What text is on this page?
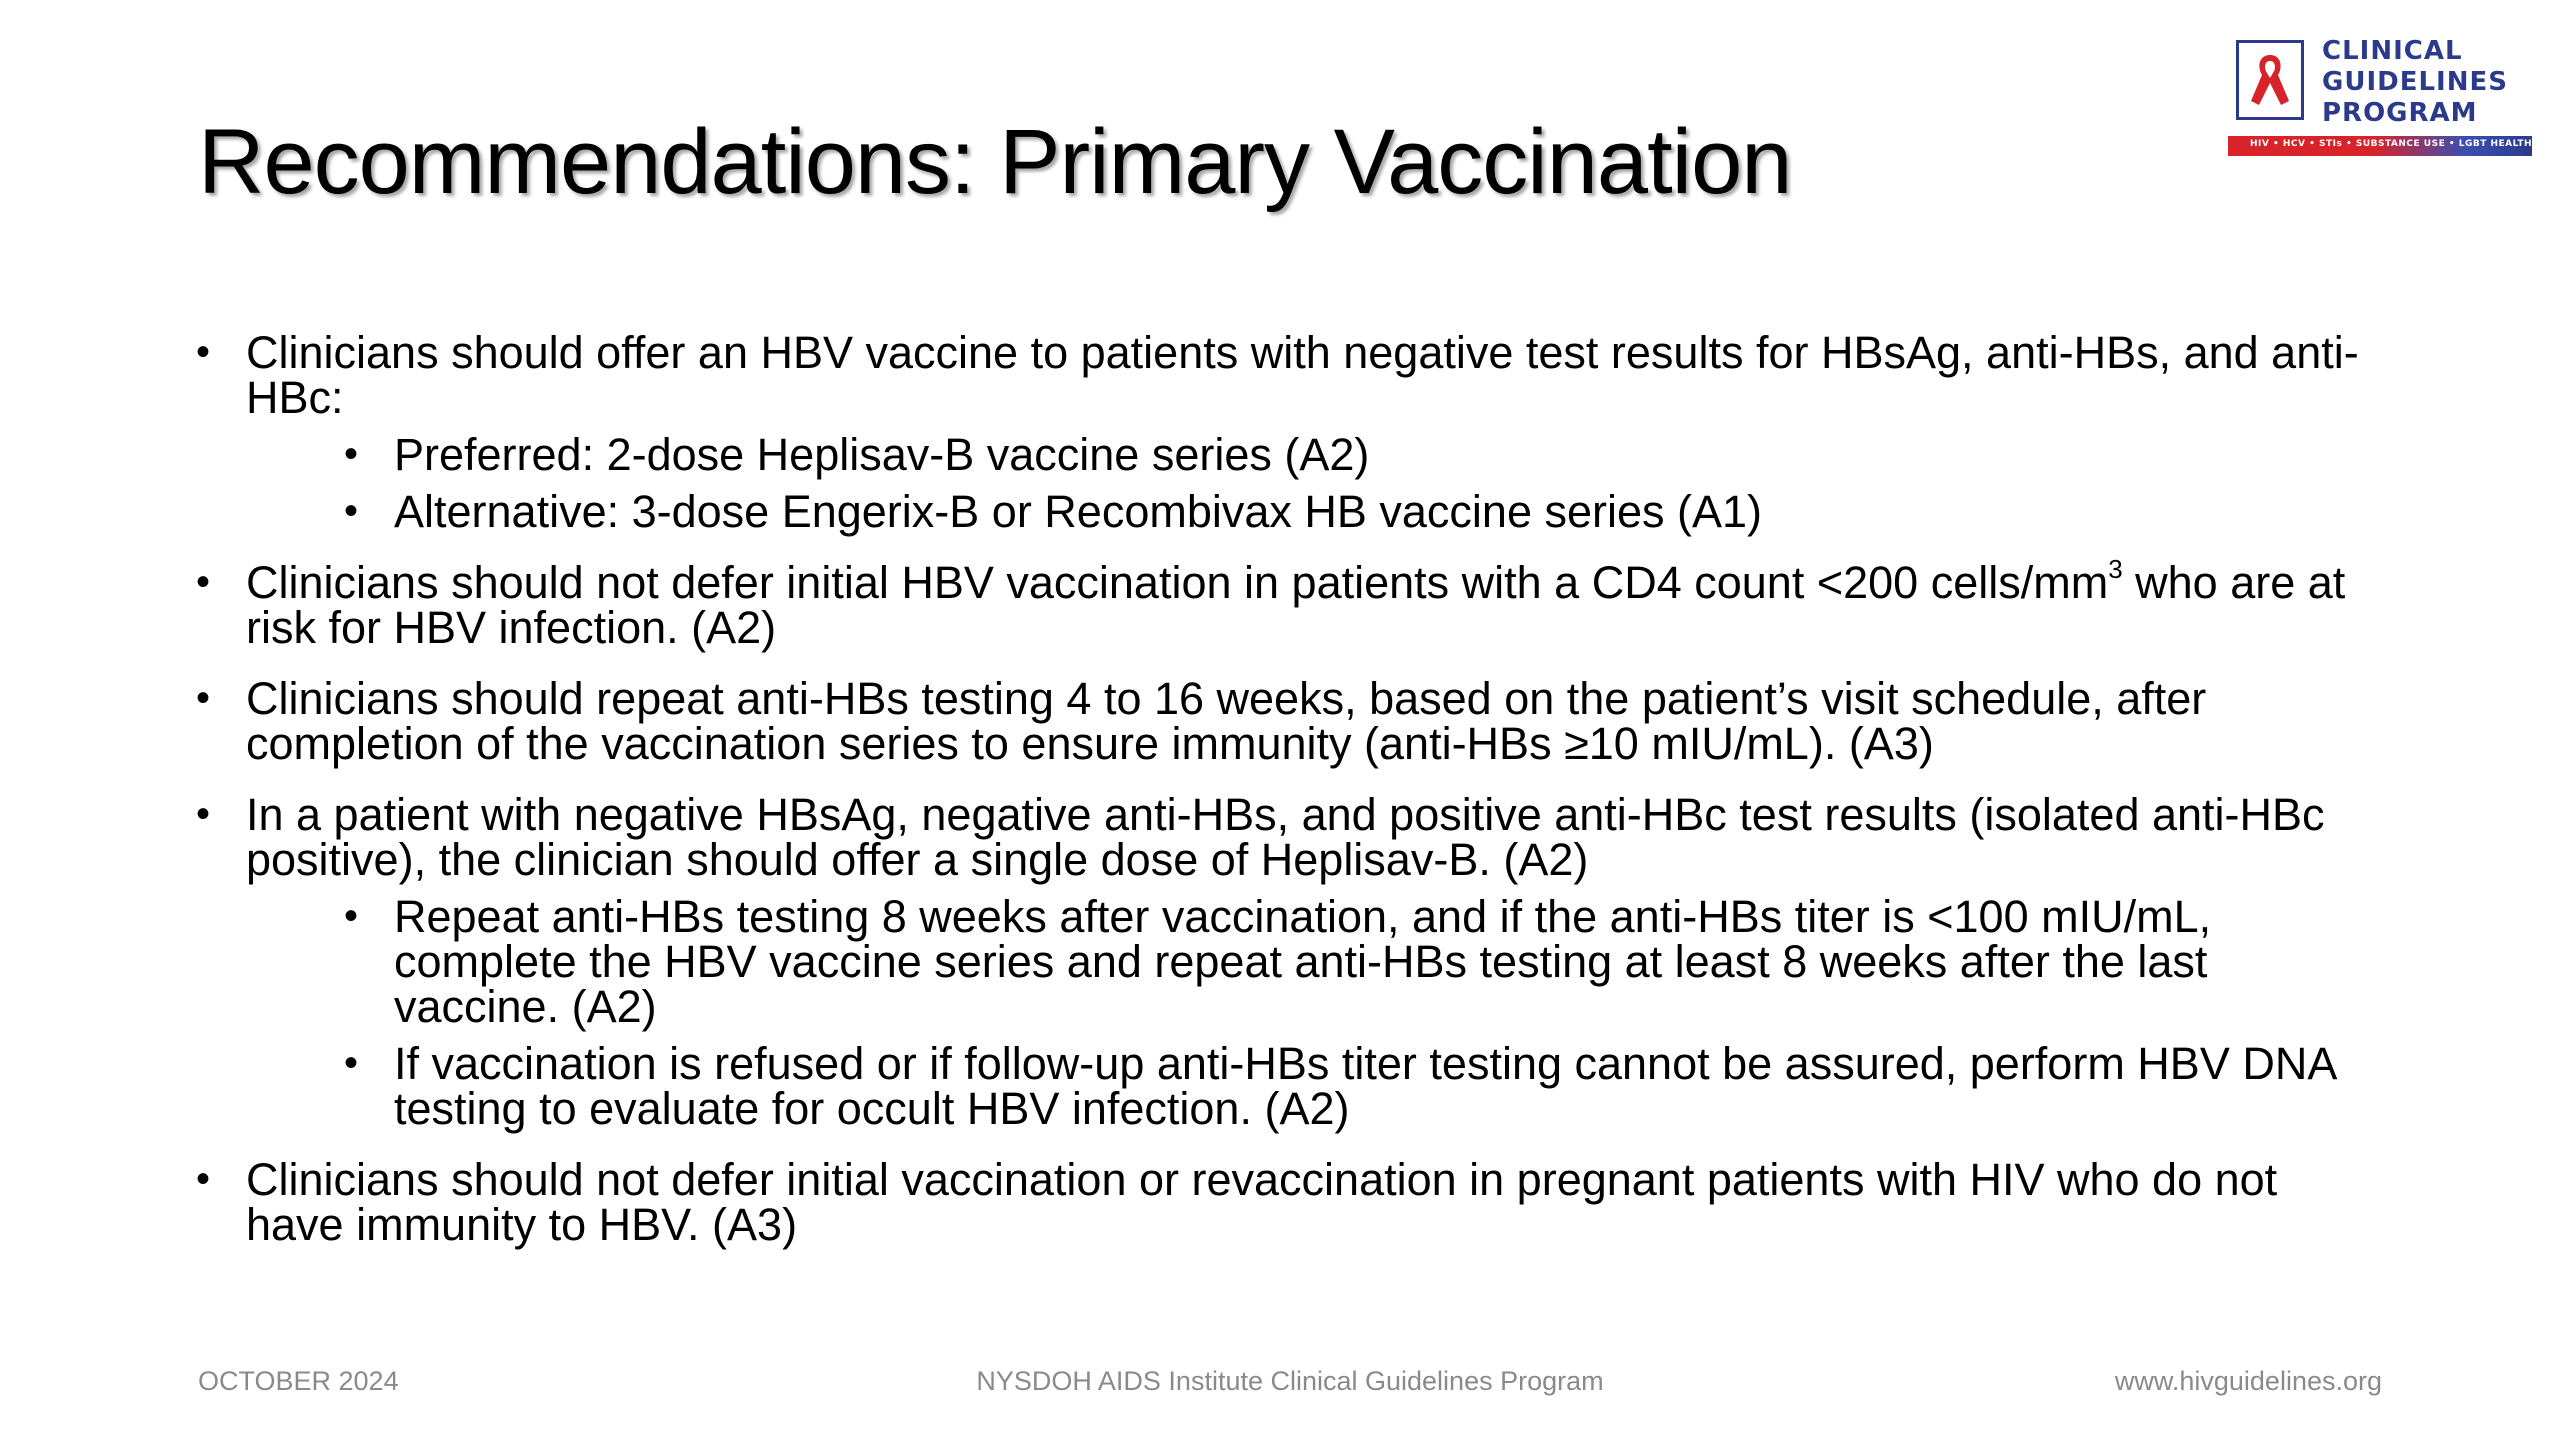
Recommendations: Primary Vaccination
CLINICAL
GUIDELINES
PROGRAM
HIV • HCV • STIs • SUBSTANCE USE • LGBT HEALTH
• Clinicians should offer an HBV vaccine to patients with negative test results for HBsAg, anti-HBs, and anti-HBc:
• Preferred: 2-dose Heplisav-B vaccine series (A2)
• Alternative: 3-dose Engerix-B or Recombivax HB vaccine series (A1)
• Clinicians should not defer initial HBV vaccination in patients with a CD4 count <200 cells/$mm^3$ who are at risk for HBV infection. (A2)
• Clinicians should repeat anti-HBs testing 4 to 16 weeks, based on the patient’s visit schedule, after completion of the vaccination series to ensure immunity (anti-HBs ≥10 mIU/mL). (A3)
• In a patient with negative HBsAg, negative anti-HBs, and positive anti-HBc test results (isolated anti-HBc positive), the clinician should offer a single dose of Heplisav-B. (A2)
• Repeat anti-HBs testing 8 weeks after vaccination, and if the anti-HBs titer is <100 mIU/mL, complete the HBV vaccine series and repeat anti-HBs testing at least 8 weeks after the last vaccine. (A2)
• If vaccination is refused or if follow-up anti-HBs titer testing cannot be assured, perform HBV DNA testing to evaluate for occult HBV infection. (A2)
• Clinicians should not defer initial vaccination or revaccination in pregnant patients with HIV who do not have immunity to HBV. (A3)
OCTOBER 2024	NYSDOH AIDS Institute Clinical Guidelines Program	www.hivguidelines.org
